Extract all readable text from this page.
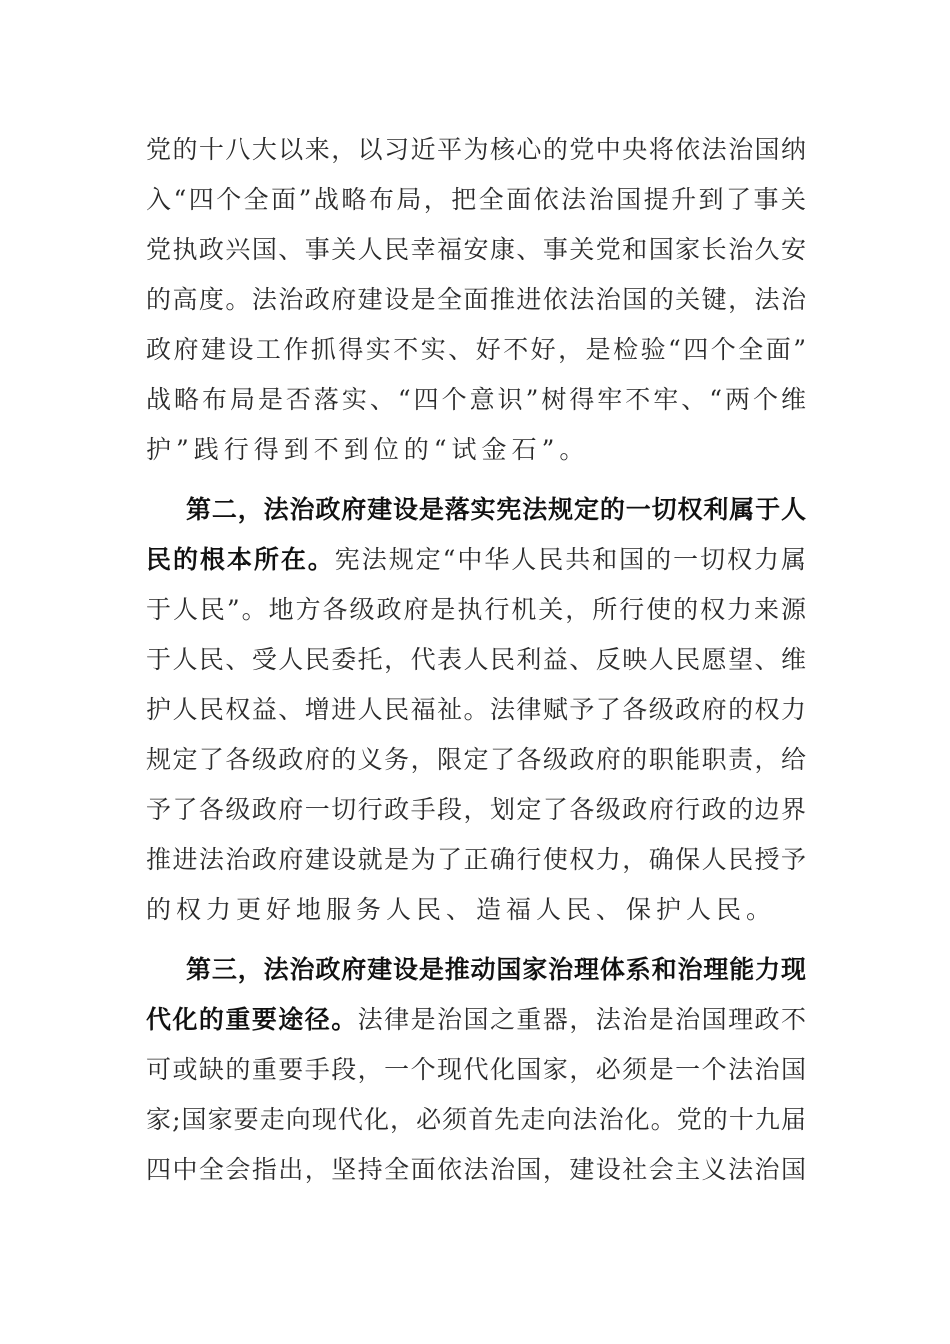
党的十八大以来，以习近平为核心的党中央将依法治国纳
入“四个全面”战略布局，把全面依法治国提升到了事关
党执政兴国、事关人民幸福安康、事关党和国家长治久安
的高度。法治政府建设是全面推进依法治国的关键，法治
政府建设工作抓得实不实、好不好，是检验“四个全面”
战略布局是否落实、“四个意识”树得牢不牢、“两个维
护”践行得到不到位的“试金石”。
第二，法治政府建设是落实宪法规定的一切权利属于人
民的根本所在。宪法规定“中华人民共和国的一切权力属
于人民”。地方各级政府是执行机关，所行使的权力来源
于人民、受人民委托，代表人民利益、反映人民愿望、维
护人民权益、增进人民福祉。法律赋予了各级政府的权力
规定了各级政府的义务，限定了各级政府的职能职责，给
予了各级政府一切行政手段，划定了各级政府行政的边界
推进法治政府建设就是为了正确行使权力，确保人民授予
的权力更好地服务人民、造福人民、保护人民。
第三，法治政府建设是推动国家治理体系和治理能力现
代化的重要途径。法律是治国之重器，法治是治国理政不
可或缺的重要手段，一个现代化国家，必须是一个法治国
家;国家要走向现代化，必须首先走向法治化。党的十九届
四中全会指出，坚持全面依法治国，建设社会主义法治国
